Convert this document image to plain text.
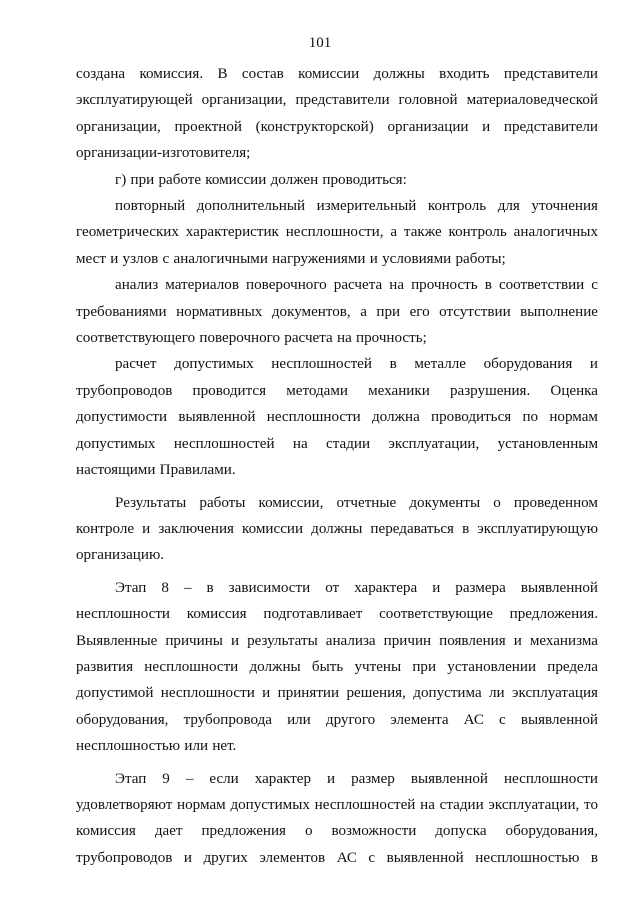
101

создана комиссия. В состав комиссии должны входить представители эксплуатирующей организации, представители головной материаловедческой организации, проектной (конструкторской) организации и представители организации-изготовителя;

г) при работе комиссии должен проводиться:

повторный дополнительный измерительный контроль для уточнения геометрических характеристик несплошности, а также контроль аналогичных мест и узлов с аналогичными нагружениями и условиями работы;

анализ материалов поверочного расчета на прочность в соответствии с требованиями нормативных документов, а при его отсутствии выполнение соответствующего поверочного расчета на прочность;

расчет допустимых несплошностей в металле оборудования и трубопроводов проводится методами механики разрушения. Оценка допустимости выявленной несплошности должна проводиться по нормам допустимых несплошностей на стадии эксплуатации, установленным настоящими Правилами.

Результаты работы комиссии, отчетные документы о проведенном контроле и заключения комиссии должны передаваться в эксплуатирующую организацию.

Этап 8 – в зависимости от характера и размера выявленной несплошности комиссия подготавливает соответствующие предложения. Выявленные причины и результаты анализа причин появления и механизма развития несплошности должны быть учтены при установлении предела допустимой несплошности и принятии решения, допустима ли эксплуатация оборудования, трубопровода или другого элемента АС с выявленной несплошностью или нет.

Этап 9 – если характер и размер выявленной несплошности удовлетворяют нормам допустимых несплошностей на стадии эксплуатации, то комиссия дает предложения о возможности допуска оборудования, трубопроводов и других элементов АС с выявленной несплошностью в
